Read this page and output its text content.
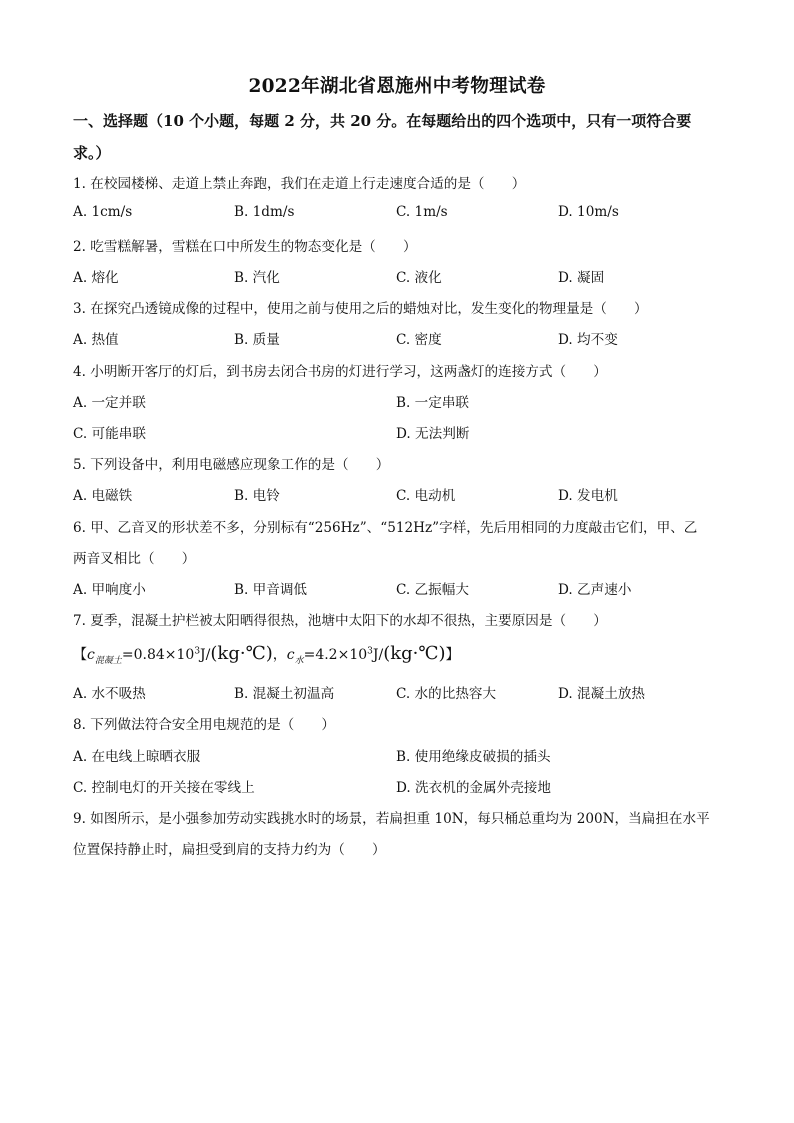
2022年湖北省恩施州中考物理试卷
一、选择题（10 个小题，每题 2 分，共 20 分。在每题给出的四个选项中，只有一项符合要
求。）
1. 在校园楼梯、走道上禁止奔跑，我们在走道上行走速度合适的是（　　）
A. 1cm/s	B. 1dm/s	C. 1m/s	D. 10m/s
2. 吃雪糕解暑，雪糕在口中所发生的物态变化是（　　）
A. 熔化	B. 汽化	C. 液化	D. 凝固
3. 在探究凸透镜成像的过程中，使用之前与使用之后的蜡烛对比，发生变化的物理量是（　　）
A. 热值	B. 质量	C. 密度	D. 均不变
4. 小明断开客厅的灯后，到书房去闭合书房的灯进行学习，这两盏灯的连接方式（　　）
A. 一定并联	B. 一定串联
C. 可能串联	D. 无法判断
5. 下列设备中，利用电磁感应现象工作的是（　　）
A. 电磁铁	B. 电铃	C. 电动机	D. 发电机
6. 甲、乙音叉的形状差不多，分别标有“256Hz”、“512Hz”字样，先后用相同的力度敲击它们，甲、乙
两音叉相比（　　）
A. 甲响度小	B. 甲音调低	C. 乙振幅大	D. 乙声速小
7. 夏季，混凝土护栏被太阳晒得很热，池塘中太阳下的水却不很热，主要原因是（　　）
【$c_{混凝土}=0.84\times 10^3J/(kg\cdot℃)$，$c_水=4.2\times 10^3J/(kg\cdot℃)$】
A. 水不吸热	B. 混凝土初温高	C. 水的比热容大	D. 混凝土放热
8. 下列做法符合安全用电规范的是（　　）
A. 在电线上晾晒衣服	B. 使用绝缘皮破损的插头
C. 控制电灯的开关接在零线上	D. 洗衣机的金属外壳接地
9. 如图所示，是小强参加劳动实践挑水时的场景，若扁担重 10N，每只桶总重均为 200N，当扁担在水平
位置保持静止时，扁担受到肩的支持力约为（　　）
